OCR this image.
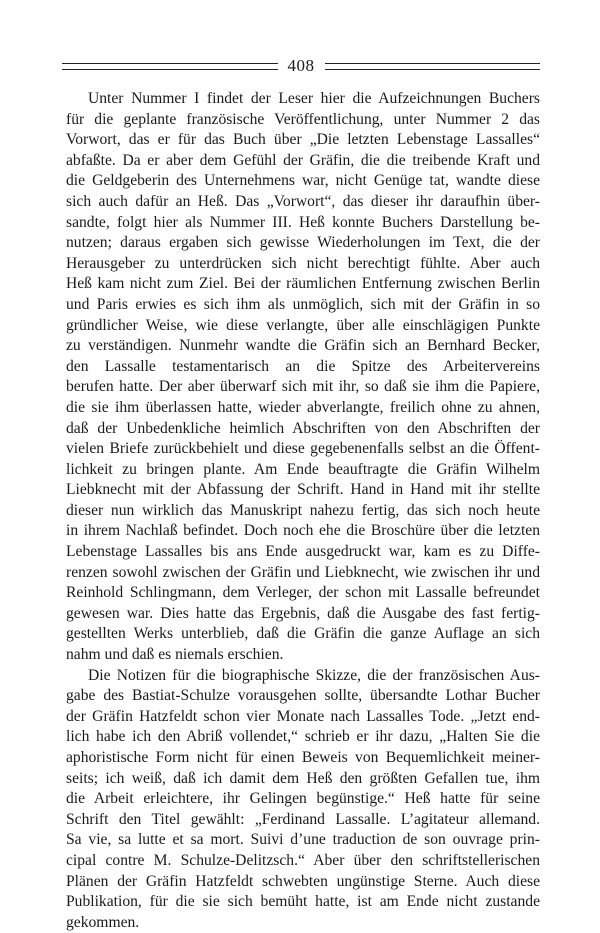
408
Unter Nummer I findet der Leser hier die Aufzeichnungen Buchers
für die geplante französische Veröffentlichung, unter Nummer 2 das
Vorwort, das er für das Buch über „Die letzten Lebenstage Lassalles“
abfaßte. Da er aber dem Gefühl der Gräfin, die die treibende Kraft und
die Geldgeberin des Unternehmens war, nicht Genüge tat, wandte diese
sich auch dafür an Heß. Das „Vorwort“, das dieser ihr daraufhin über-
sandte, folgt hier als Nummer III. Heß konnte Buchers Darstellung be-
nutzen; daraus ergaben sich gewisse Wiederholungen im Text, die der
Herausgeber zu unterdrücken sich nicht berechtigt fühlte. Aber auch
Heß kam nicht zum Ziel. Bei der räumlichen Entfernung zwischen Berlin
und Paris erwies es sich ihm als unmöglich, sich mit der Gräfin in so
gründlicher Weise, wie diese verlangte, über alle einschlägigen Punkte
zu verständigen. Nunmehr wandte die Gräfin sich an Bernhard Becker,
den Lassalle testamentarisch an die Spitze des Arbeitervereins
berufen hatte. Der aber überwarf sich mit ihr, so daß sie ihm die Papiere,
die sie ihm überlassen hatte, wieder abverlangte, freilich ohne zu ahnen,
daß der Unbedenkliche heimlich Abschriften von den Abschriften der
vielen Briefe zurückbehielt und diese gegebenenfalls selbst an die Öffent-
lichkeit zu bringen plante. Am Ende beauftragte die Gräfin Wilhelm
Liebknecht mit der Abfassung der Schrift. Hand in Hand mit ihr stellte
dieser nun wirklich das Manuskript nahezu fertig, das sich noch heute
in ihrem Nachlaß befindet. Doch noch ehe die Broschüre über die letzten
Lebenstage Lassalles bis ans Ende ausgedruckt war, kam es zu Diffe-
renzen sowohl zwischen der Gräfin und Liebknecht, wie zwischen ihr und
Reinhold Schlingmann, dem Verleger, der schon mit Lassalle befreundet
gewesen war. Dies hatte das Ergebnis, daß die Ausgabe des fast fertig-
gestellten Werks unterblieb, daß die Gräfin die ganze Auflage an sich
nahm und daß es niemals erschien.
Die Notizen für die biographische Skizze, die der französischen Aus-
gabe des Bastiat-Schulze vorausgehen sollte, übersandte Lothar Bucher
der Gräfin Hatzfeldt schon vier Monate nach Lassalles Tode. „Jetzt end-
lich habe ich den Abriß vollendet,“ schrieb er ihr dazu, „Halten Sie die
aphoristische Form nicht für einen Beweis von Bequemlichkeit meiner-
seits; ich weiß, daß ich damit dem Heß den größten Gefallen tue, ihm
die Arbeit erleichtere, ihr Gelingen begünstige.“ Heß hatte für seine
Schrift den Titel gewählt: „Ferdinand Lassalle. L’agitateur allemand.
Sa vie, sa lutte et sa mort. Suivi d’une traduction de son ouvrage prin-
cipal contre M. Schulze-Delitzsch.“ Aber über den schriftstellerischen
Plänen der Gräfin Hatzfeldt schwebten ungünstige Sterne. Auch diese
Publikation, für die sie sich bemüht hatte, ist am Ende nicht zustande
gekommen.
